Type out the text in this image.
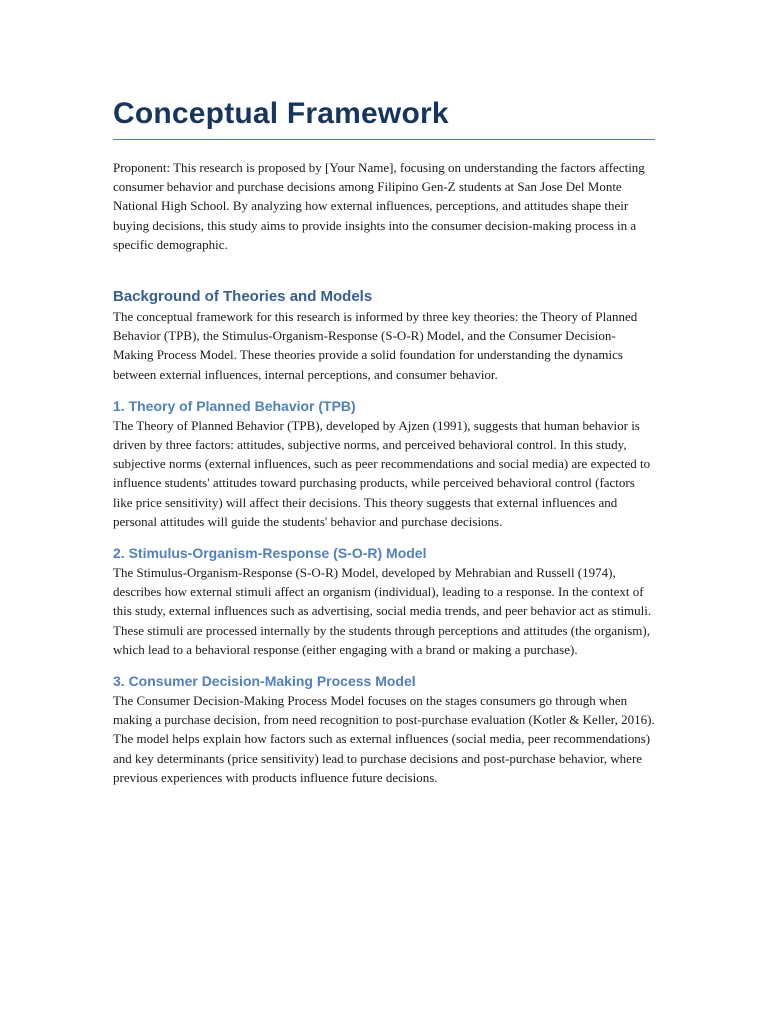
Conceptual Framework

Proponent: This research is proposed by [Your Name], focusing on understanding the factors affecting consumer behavior and purchase decisions among Filipino Gen-Z students at San Jose Del Monte National High School. By analyzing how external influences, perceptions, and attitudes shape their buying decisions, this study aims to provide insights into the consumer decision-making process in a specific demographic.

Background of Theories and Models

The conceptual framework for this research is informed by three key theories: the Theory of Planned Behavior (TPB), the Stimulus-Organism-Response (S-O-R) Model, and the Consumer Decision-Making Process Model. These theories provide a solid foundation for understanding the dynamics between external influences, internal perceptions, and consumer behavior.

1. Theory of Planned Behavior (TPB)

The Theory of Planned Behavior (TPB), developed by Ajzen (1991), suggests that human behavior is driven by three factors: attitudes, subjective norms, and perceived behavioral control. In this study, subjective norms (external influences, such as peer recommendations and social media) are expected to influence students' attitudes toward purchasing products, while perceived behavioral control (factors like price sensitivity) will affect their decisions. This theory suggests that external influences and personal attitudes will guide the students' behavior and purchase decisions.

2. Stimulus-Organism-Response (S-O-R) Model

The Stimulus-Organism-Response (S-O-R) Model, developed by Mehrabian and Russell (1974), describes how external stimuli affect an organism (individual), leading to a response. In the context of this study, external influences such as advertising, social media trends, and peer behavior act as stimuli. These stimuli are processed internally by the students through perceptions and attitudes (the organism), which lead to a behavioral response (either engaging with a brand or making a purchase).

3. Consumer Decision-Making Process Model

The Consumer Decision-Making Process Model focuses on the stages consumers go through when making a purchase decision, from need recognition to post-purchase evaluation (Kotler & Keller, 2016). The model helps explain how factors such as external influences (social media, peer recommendations) and key determinants (price sensitivity) lead to purchase decisions and post-purchase behavior, where previous experiences with products influence future decisions.
